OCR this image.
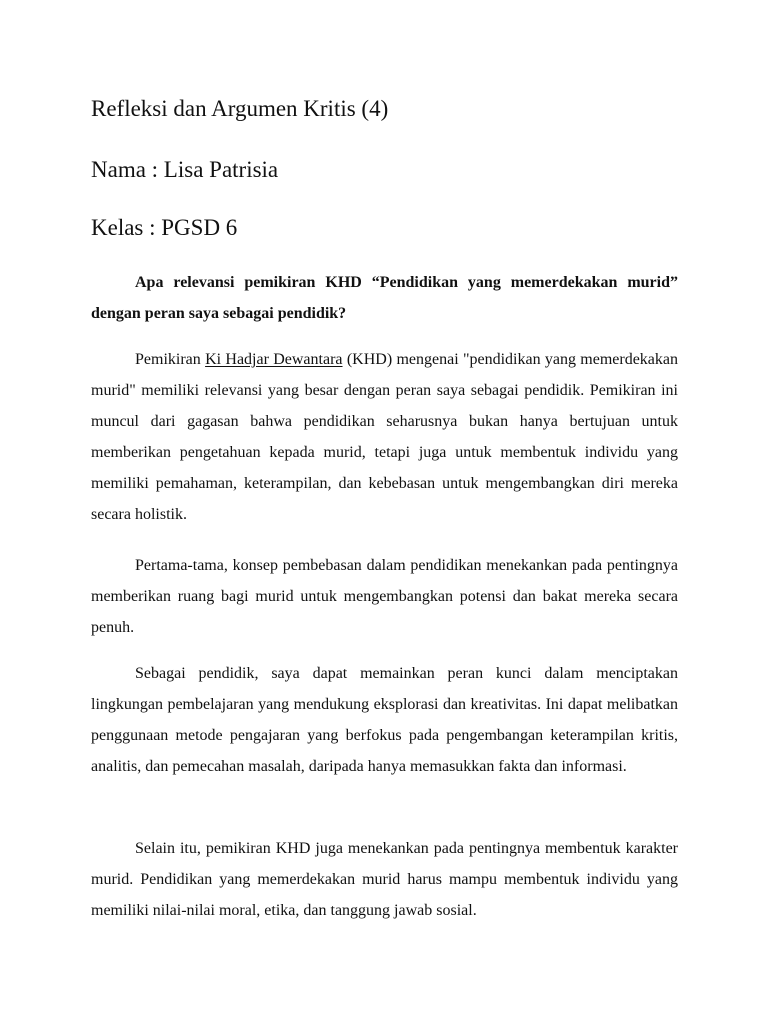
Refleksi dan Argumen Kritis (4)
Nama : Lisa Patrisia
Kelas : PGSD 6

Apa relevansi pemikiran KHD “Pendidikan yang memerdekakan murid” dengan peran saya sebagai pendidik?

Pemikiran Ki Hadjar Dewantara (KHD) mengenai "pendidikan yang memerdekakan murid" memiliki relevansi yang besar dengan peran saya sebagai pendidik. Pemikiran ini muncul dari gagasan bahwa pendidikan seharusnya bukan hanya bertujuan untuk memberikan pengetahuan kepada murid, tetapi juga untuk membentuk individu yang memiliki pemahaman, keterampilan, dan kebebasan untuk mengembangkan diri mereka secara holistik.

Pertama-tama, konsep pembebasan dalam pendidikan menekankan pada pentingnya memberikan ruang bagi murid untuk mengembangkan potensi dan bakat mereka secara penuh.

Sebagai pendidik, saya dapat memainkan peran kunci dalam menciptakan lingkungan pembelajaran yang mendukung eksplorasi dan kreativitas. Ini dapat melibatkan penggunaan metode pengajaran yang berfokus pada pengembangan keterampilan kritis, analitis, dan pemecahan masalah, daripada hanya memasukkan fakta dan informasi.

Selain itu, pemikiran KHD juga menekankan pada pentingnya membentuk karakter murid. Pendidikan yang memerdekakan murid harus mampu membentuk individu yang memiliki nilai-nilai moral, etika, dan tanggung jawab sosial.
